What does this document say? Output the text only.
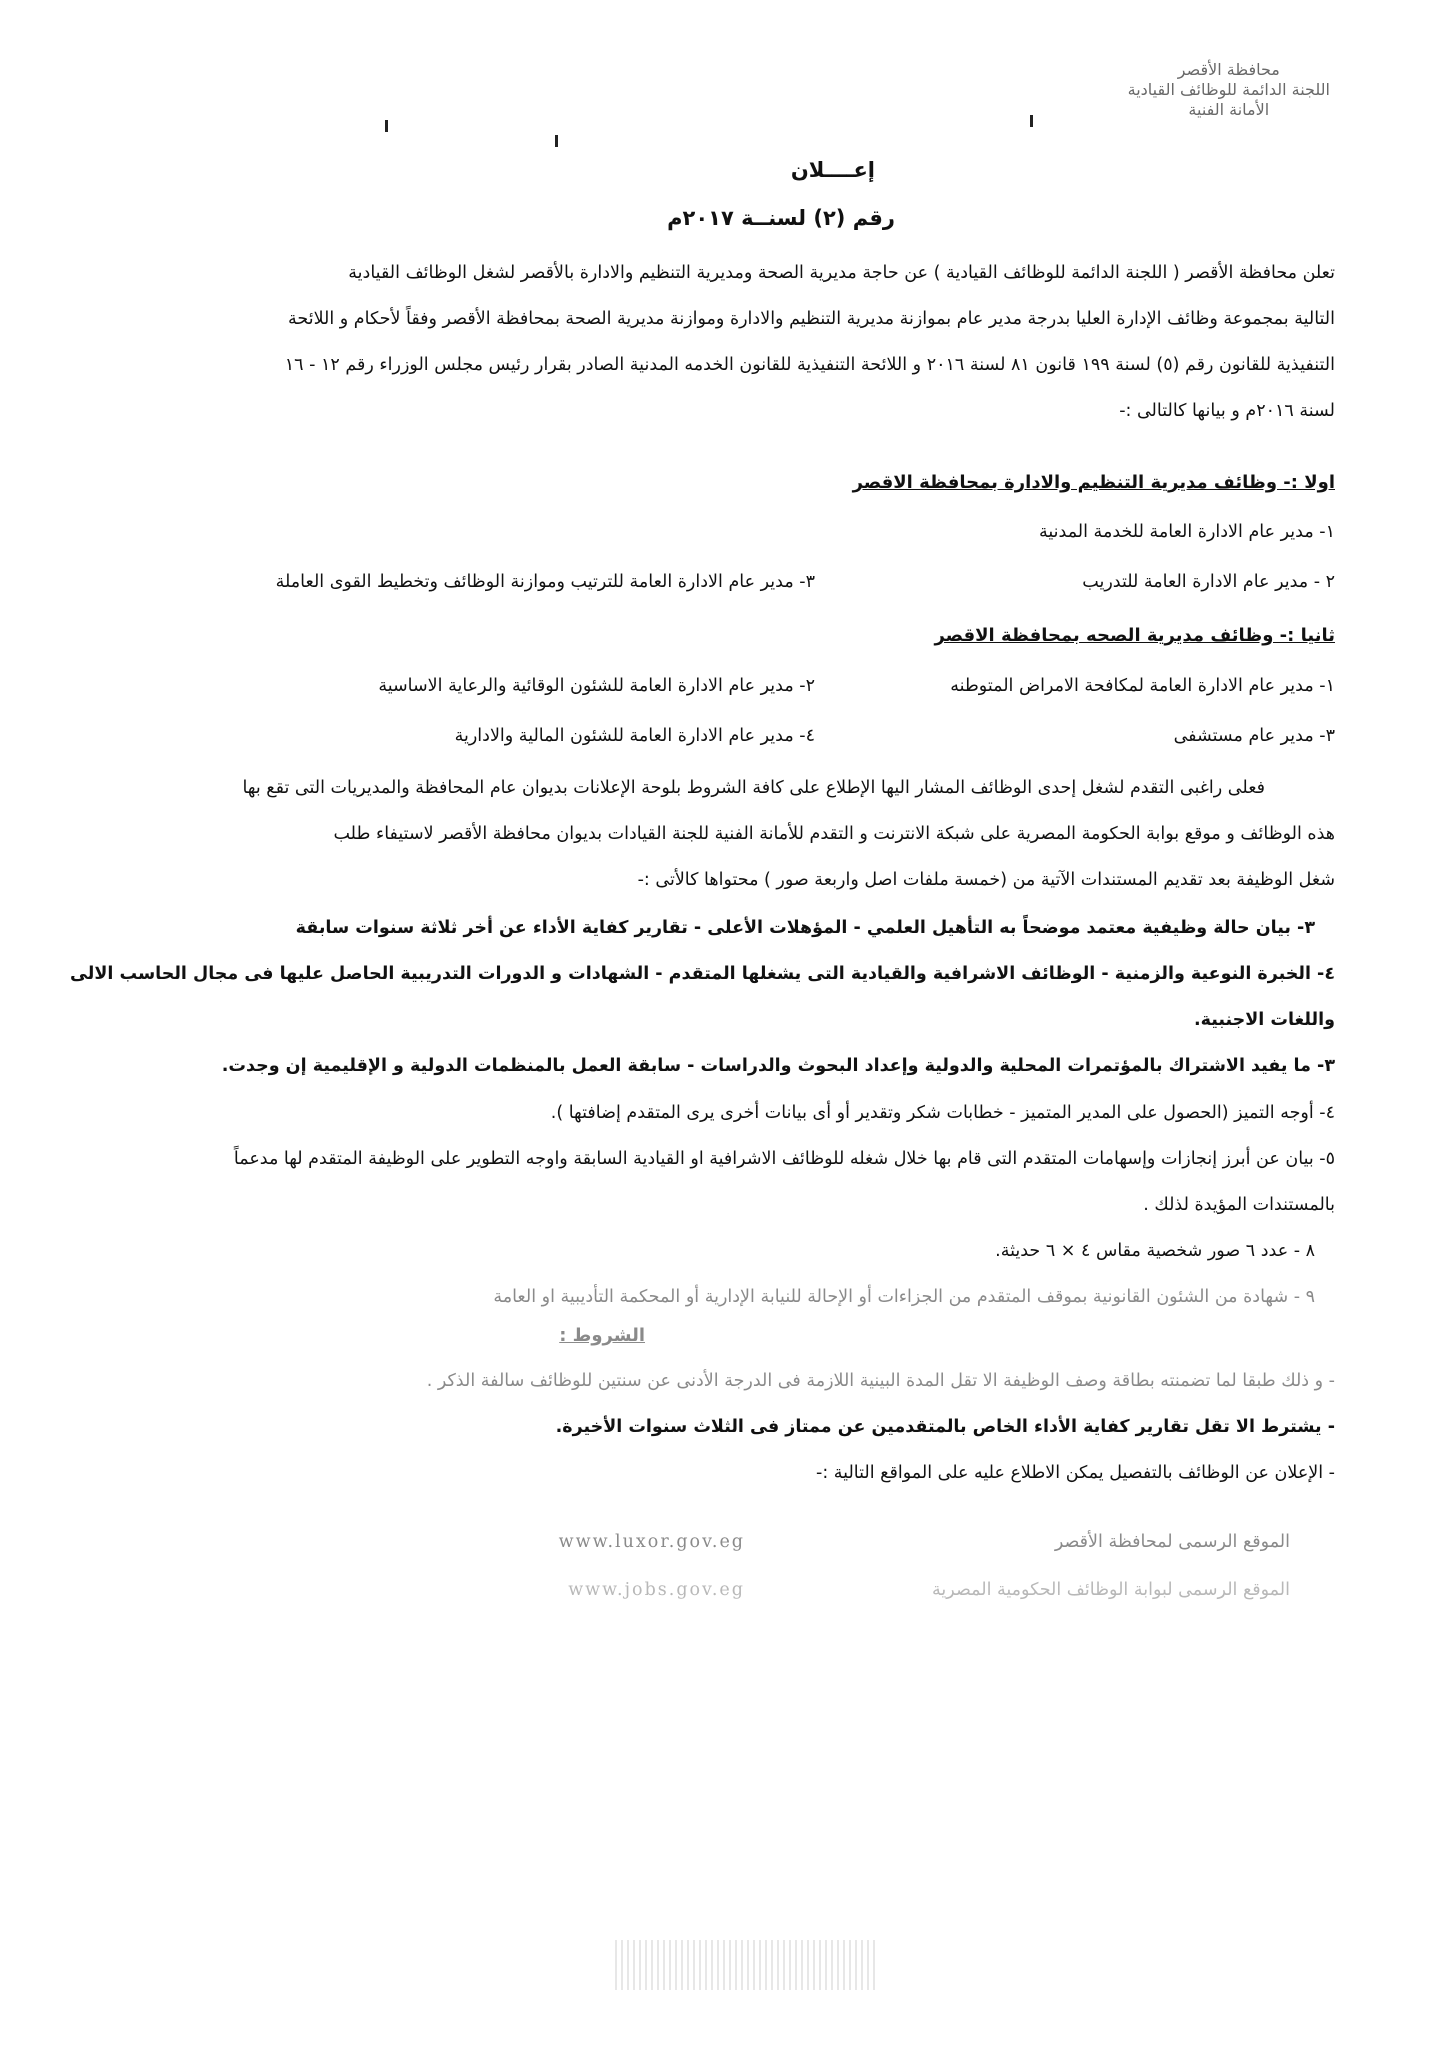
محافظة الأقصر
اللجنة الدائمة للوظائف القيادية
الأمانة الفنية
إعــــلان
رقم (٢) لسنــة ٢٠١٧م
تعلن محافظة الأقصر ( اللجنة الدائمة للوظائف القيادية ) عن حاجة مديرية الصحة ومديرية التنظيم والادارة بالأقصر لشغل الوظائف القيادية
التالية بمجموعة وظائف الإدارة العليا بدرجة مدير عام بموازنة مديرية التنظيم والادارة وموازنة مديرية الصحة بمحافظة الأقصر وفقاً لأحكام و اللائحة
التنفيذية للقانون رقم (٥) لسنة ١٩٩ قانون ٨١ لسنة ٢٠١٦ و اللائحة التنفيذية للقانون الخدمه المدنية الصادر بقرار رئيس مجلس الوزراء رقم ١٢ - ١٦
لسنة ٢٠١٦م و بيانها كالتالى :-
اولا :- وظائف مديرية التنظيم والادارة بمحافظة الاقصر
١- مدير عام الادارة العامة للخدمة المدنية
٢ - مدير عام الادارة العامة للتدريب
٣- مدير عام الادارة العامة للترتيب وموازنة الوظائف وتخطيط القوى العاملة
ثانيا :- وظائف مديرية الصحه بمحافظة الاقصر
١- مدير عام الادارة العامة لمكافحة الامراض المتوطنه
٢- مدير عام الادارة العامة للشئون الوقائية والرعاية الاساسية
٣- مدير عام مستشفى
٤- مدير عام الادارة العامة للشئون المالية والادارية
فعلى راغبى التقدم لشغل إحدى الوظائف المشار اليها الإطلاع على كافة الشروط بلوحة الإعلانات بديوان عام المحافظة والمديريات التى تقع بها
هذه الوظائف و موقع بوابة الحكومة المصرية على شبكة الانترنت و التقدم للأمانة الفنية للجنة القيادات بديوان محافظة الأقصر لاستيفاء طلب
شغل الوظيفة بعد تقديم المستندات الآتية من (خمسة ملفات اصل واربعة صور ) محتواها كالأتى :-
٣- بيان حالة وظيفية معتمد موضحاً به التأهيل العلمي - المؤهلات الأعلى - تقارير كفاية الأداء عن أخر ثلاثة سنوات سابقة
٤- الخبرة النوعية والزمنية - الوظائف الاشرافية والقيادية التى يشغلها المتقدم - الشهادات و الدورات التدريبية الحاصل عليها فى مجال الحاسب الالى
واللغات الاجنبية.
٣- ما يفيد الاشتراك بالمؤتمرات المحلية والدولية وإعداد البحوث والدراسات - سابقة العمل بالمنظمات الدولية و الإقليمية إن وجدت.
٤- أوجه التميز (الحصول على المدير المتميز - خطابات شكر وتقدير أو أى بيانات أخرى يرى المتقدم إضافتها ).
٥- بيان عن أبرز إنجازات وإسهامات المتقدم التى قام بها خلال شغله للوظائف الاشرافية او القيادية السابقة واوجه التطوير على الوظيفة المتقدم لها مدعماً
بالمستندات المؤيدة لذلك .
٨ - عدد ٦ صور شخصية مقاس ٤ × ٦ حديثة.
٩ - شهادة من الشئون القانونية بموقف المتقدم من الجزاءات أو الإحالة للنيابة الإدارية أو المحكمة التأديبية او العامة
الشروط :
- و ذلك طبقا لما تضمنته بطاقة وصف الوظيفة الا تقل المدة البينية اللازمة فى الدرجة الأدنى عن سنتين للوظائف سالفة الذكر .
- يشترط الا تقل تقارير كفاية الأداء الخاص بالمتقدمين عن ممتاز فى الثلاث سنوات الأخيرة.
- الإعلان عن الوظائف بالتفصيل يمكن الاطلاع عليه على المواقع التالية :-
الموقع الرسمى لمحافظة الأقصر
www.luxor.gov.eg
الموقع الرسمى لبوابة الوظائف الحكومية المصرية
www.jobs.gov.eg
